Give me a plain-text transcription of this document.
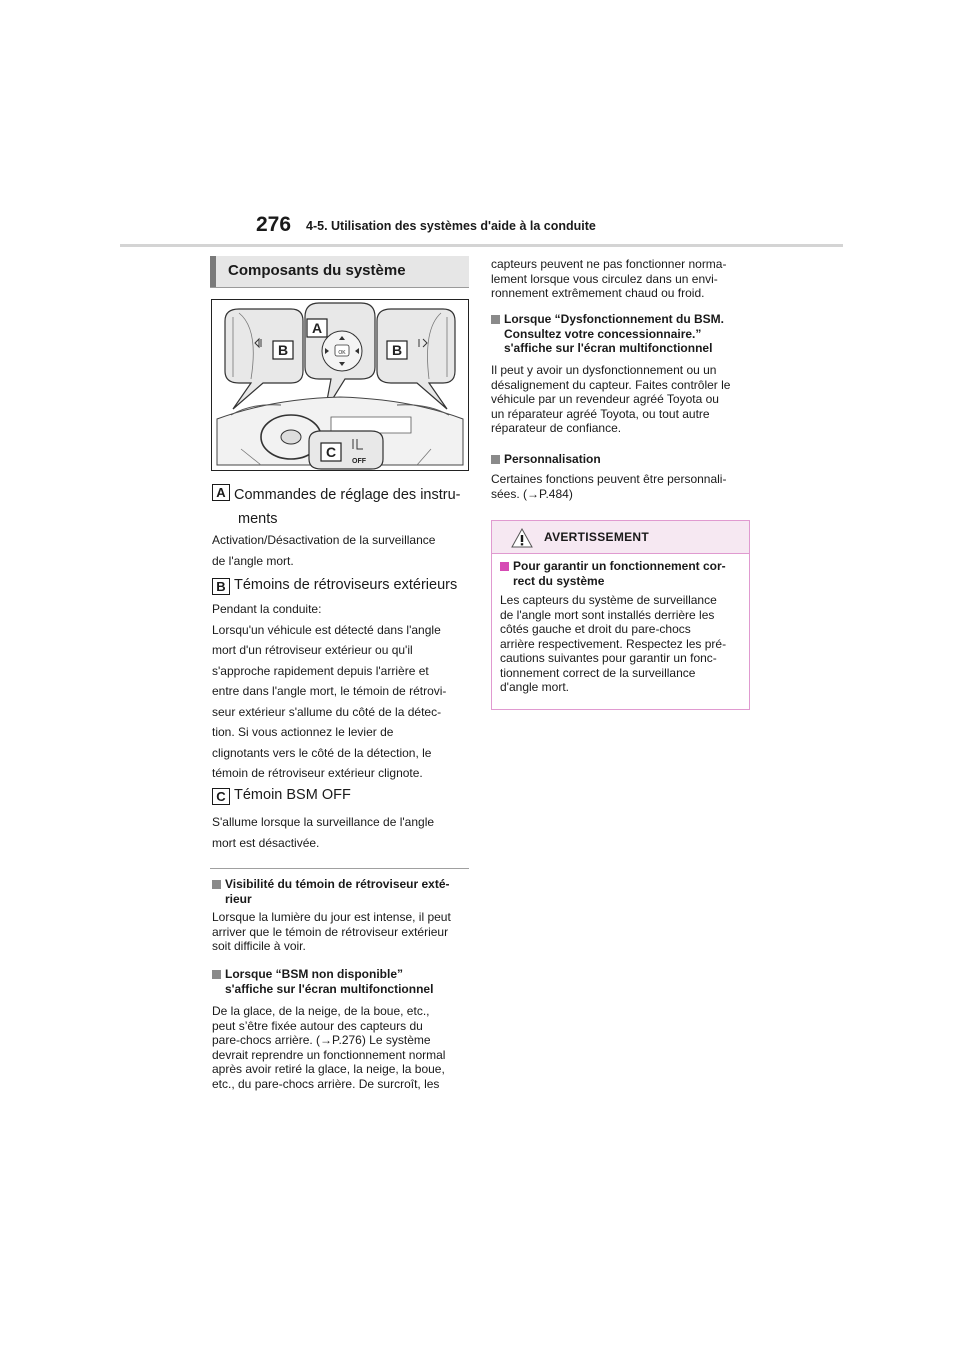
276 4-5. Utilisation des systèmes d'aide à la conduite
Composants du système
A
B	B
C
OK
OFF
A Commandes de réglage des instru-
ments
Activation/Désactivation de la surveillance
de l'angle mort.
B Témoins de rétroviseurs extérieurs
Pendant la conduite:
Lorsqu'un véhicule est détecté dans l'angle
mort d'un rétroviseur extérieur ou qu'il
s'approche rapidement depuis l'arrière et
entre dans l'angle mort, le témoin de rétrovi-
seur extérieur s'allume du côté de la détec-
tion. Si vous actionnez le levier de
clignotants vers le côté de la détection, le
témoin de rétroviseur extérieur clignote.
C Témoin BSM OFF
S'allume lorsque la surveillance de l'angle
mort est désactivée.
Visibilité du témoin de rétroviseur exté-
rieur
Lorsque la lumière du jour est intense, il peut
arriver que le témoin de rétroviseur extérieur
soit difficile à voir.
Lorsque “BSM non disponible”
s'affiche sur l'écran multifonctionnel
De la glace, de la neige, de la boue, etc.,
peut s’être fixée autour des capteurs du
pare-chocs arrière. (→P.276) Le système
devrait reprendre un fonctionnement normal
après avoir retiré la glace, la neige, la boue,
etc., du pare-chocs arrière. De surcroît, les
capteurs peuvent ne pas fonctionner norma-
lement lorsque vous circulez dans un envi-
ronnement extrêmement chaud ou froid.
Lorsque “Dysfonctionnement du BSM.
Consultez votre concessionnaire.”
s'affiche sur l'écran multifonctionnel
Il peut y avoir un dysfonctionnement ou un
désalignement du capteur. Faites contrôler le
véhicule par un revendeur agréé Toyota ou
un réparateur agréé Toyota, ou tout autre
réparateur de confiance.
Personnalisation
Certaines fonctions peuvent être personnali-
sées. (→P.484)
AVERTISSEMENT
Pour garantir un fonctionnement cor-
rect du système
Les capteurs du système de surveillance
de l'angle mort sont installés derrière les
côtés gauche et droit du pare-chocs
arrière respectivement. Respectez les pré-
cautions suivantes pour garantir un fonc-
tionnement correct de la surveillance
d'angle mort.
